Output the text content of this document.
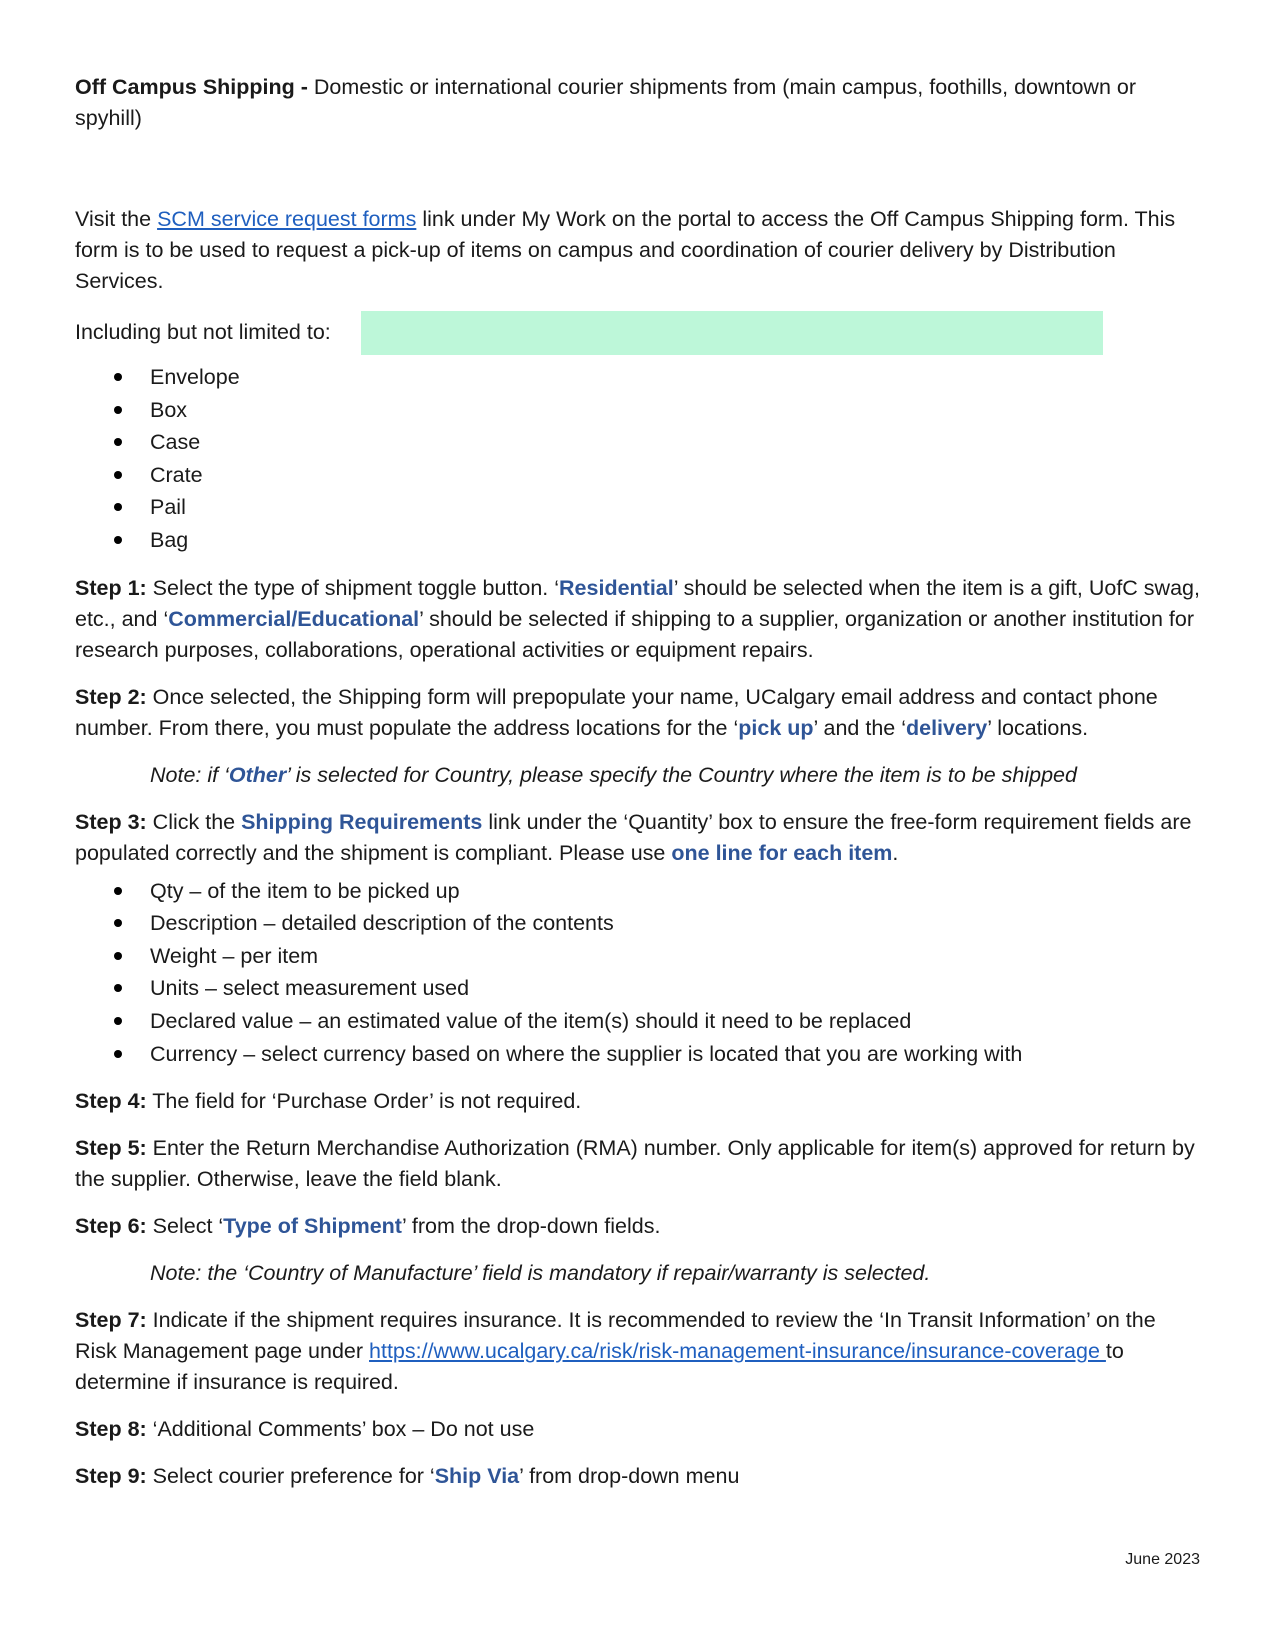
Off Campus Shipping - Domestic or international courier shipments from (main campus, foothills, downtown or spyhill)

Visit the SCM service request forms link under My Work on the portal to access the Off Campus Shipping form. This form is to be used to request a pick-up of items on campus and coordination of courier delivery by Distribution Services.

Including but not limited to:
Envelope
Box
Case
Crate
Pail
Bag

Step 1: Select the type of shipment toggle button. ‘Residential’ should be selected when the item is a gift, UofC swag, etc., and ‘Commercial/Educational’ should be selected if shipping to a supplier, organization or another institution for research purposes, collaborations, operational activities or equipment repairs.

Step 2: Once selected, the Shipping form will prepopulate your name, UCalgary email address and contact phone number. From there, you must populate the address locations for the ‘pick up’ and the ‘delivery’ locations.

Note: if ‘Other’ is selected for Country, please specify the Country where the item is to be shipped

Step 3: Click the Shipping Requirements link under the ‘Quantity’ box to ensure the free-form requirement fields are populated correctly and the shipment is compliant. Please use one line for each item.

Qty – of the item to be picked up
Description – detailed description of the contents
Weight – per item
Units – select measurement used
Declared value – an estimated value of the item(s) should it need to be replaced
Currency – select currency based on where the supplier is located that you are working with

Step 4: The field for ‘Purchase Order’ is not required.

Step 5: Enter the Return Merchandise Authorization (RMA) number. Only applicable for item(s) approved for return by the supplier. Otherwise, leave the field blank.

Step 6: Select ‘Type of Shipment’ from the drop-down fields.

Note: the ‘Country of Manufacture’ field is mandatory if repair/warranty is selected.

Step 7: Indicate if the shipment requires insurance. It is recommended to review the ‘In Transit Information’ on the Risk Management page under https://www.ucalgary.ca/risk/risk-management-insurance/insurance-coverage to determine if insurance is required.

Step 8: ‘Additional Comments’ box – Do not use

Step 9: Select courier preference for ‘Ship Via’ from drop-down menu

June 2023
